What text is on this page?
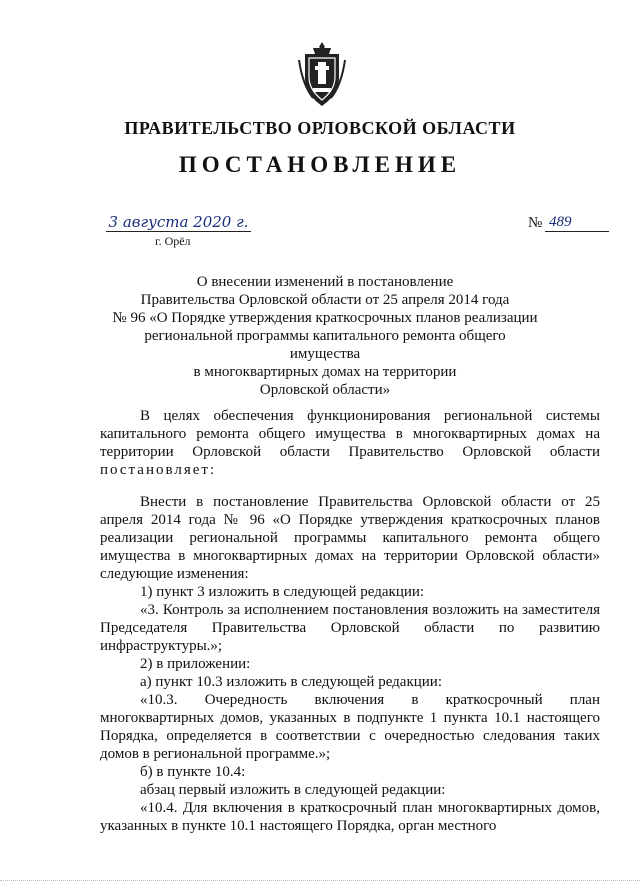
ПРАВИТЕЛЬСТВО ОРЛОВСКОЙ ОБЛАСТИ
ПОСТАНОВЛЕНИЕ
3 августа 2020 г.	№ 489
г. Орёл
О внесении изменений в постановление
Правительства Орловской области от 25 апреля 2014 года
№ 96 «О Порядке утверждения краткосрочных планов реализации
региональной программы капитального ремонта общего имущества
в многоквартирных домах на территории
Орловской области»
В целях обеспечения функционирования региональной системы капитального ремонта общего имущества в многоквартирных домах на территории Орловской области Правительство Орловской области постановляет:
Внести в постановление Правительства Орловской области от 25 апреля 2014 года № 96 «О Порядке утверждения краткосрочных планов реализации региональной программы капитального ремонта общего имущества в многоквартирных домах на территории Орловской области» следующие изменения:
1) пункт 3 изложить в следующей редакции:
«3. Контроль за исполнением постановления возложить на заместителя Председателя Правительства Орловской области по развитию инфраструктуры.»;
2) в приложении:
а) пункт 10.3 изложить в следующей редакции:
«10.3. Очередность включения в краткосрочный план многоквартирных домов, указанных в подпункте 1 пункта 10.1 настоящего Порядка, определяется в соответствии с очередностью следования таких домов в региональной программе.»;
б) в пункте 10.4:
абзац первый изложить в следующей редакции:
«10.4. Для включения в краткосрочный план многоквартирных домов, указанных в пункте 10.1 настоящего Порядка, орган местного
